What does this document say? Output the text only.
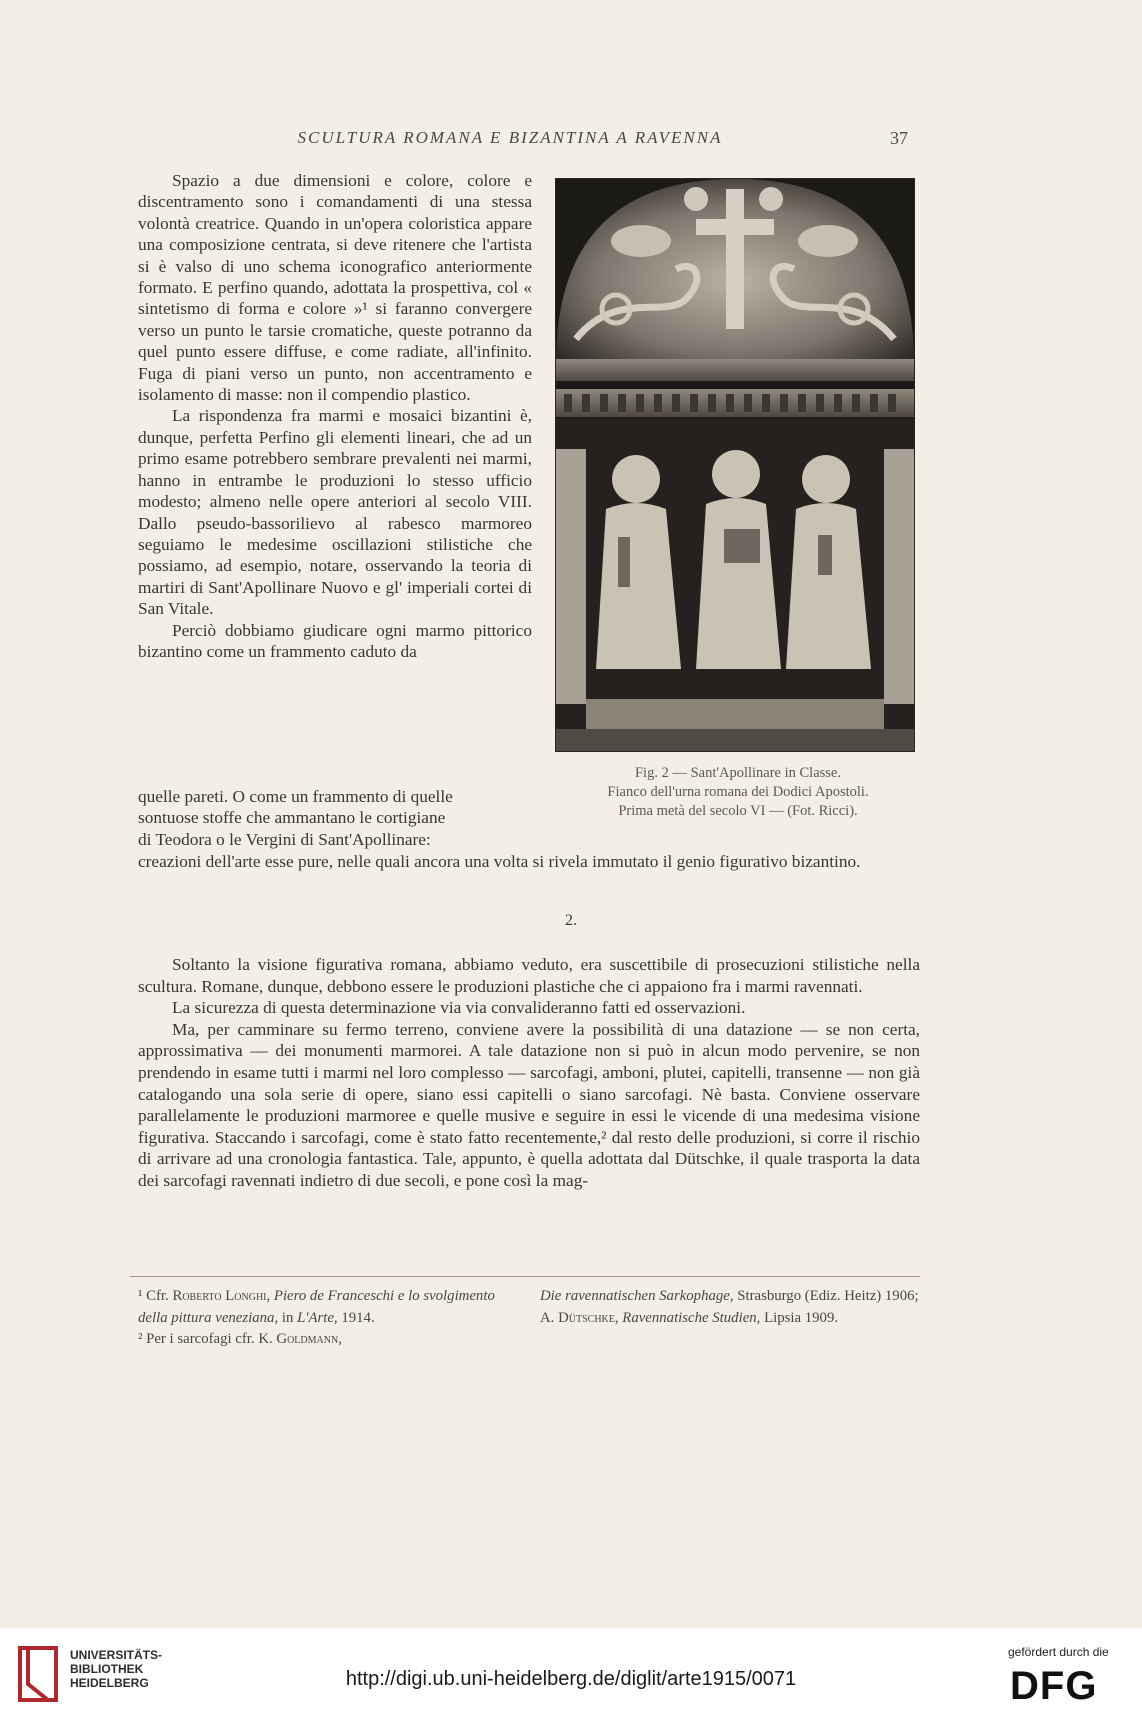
SCULTURA ROMANA E BIZANTINA A RAVENNA	37

Spazio a due dimensioni e colore, colore e discentramento sono i comandamenti di una stessa volontà creatrice. Quando in un'opera coloristica appare una composizione centrata, si deve ritenere che l'artista si è valso di uno schema iconografico anteriormente formato. E perfino quando, adottata la prospettiva, col « sintetismo di forma e colore »¹ si faranno convergere verso un punto le tarsie cromatiche, queste potranno da quel punto essere diffuse, e come radiate, all'infinito. Fuga di piani verso un punto, non accentramento e isolamento di masse: non il compendio plastico.

La rispondenza fra marmi e mosaici bizantini è, dunque, perfetta Perfino gli elementi lineari, che ad un primo esame potrebbero sembrare prevalenti nei marmi, hanno in entrambe le produzioni lo stesso ufficio modesto; almeno nelle opere anteriori al secolo VIII. Dallo pseudo-bassorilievo al rabesco marmoreo seguiamo le medesime oscillazioni stilistiche che possiamo, ad esempio, notare, osservando la teoria di martiri di Sant'Apollinare Nuovo e gl' imperiali cortei di San Vitale.

Perciò dobbiamo giudicare ogni marmo pittorico bizantino come un frammento caduto da

Fig. 2 — Sant'Apollinare in Classe.
Fianco dell'urna romana dei Dodici Apostoli.
Prima metà del secolo VI — (Fot. Ricci).

quelle pareti. O come un frammento di quelle

sontuose stoffe che ammantano le cortigiane

di Teodora o le Vergini di Sant'Apollinare:

creazioni dell'arte esse pure, nelle quali ancora una volta si rivela immutato il genio figurativo bizantino.

2.

Soltanto la visione figurativa romana, abbiamo veduto, era suscettibile di prosecuzioni stilistiche nella scultura. Romane, dunque, debbono essere le produzioni plastiche che ci appaiono fra i marmi ravennati.

La sicurezza di questa determinazione via via convalideranno fatti ed osservazioni.

Ma, per camminare su fermo terreno, conviene avere la possibilità di una datazione — se non certa, approssimativa — dei monumenti marmorei. A tale datazione non si può in alcun modo pervenire, se non prendendo in esame tutti i marmi nel loro complesso — sarcofagi, amboni, plutei, capitelli, transenne — non già catalogando una sola serie di opere, siano essi capitelli o siano sarcofagi. Nè basta. Conviene osservare parallelamente le produzioni marmoree e quelle musive e seguire in essi le vicende di una medesima visione figurativa. Staccando i sarcofagi, come è stato fatto recentemente,² dal resto delle produzioni, si corre il rischio di arrivare ad una cronologia fantastica. Tale, appunto, è quella adottata dal Dütschke, il quale trasporta la data dei sarcofagi ravennati indietro di due secoli, e pone così la mag-

¹ Cfr. Roberto Longhi, Piero de Franceschi e lo svolgimento della pittura veneziana, in L'Arte, 1914.

² Per i sarcofagi cfr. K. Goldmann,

Die ravennatischen Sarkophage, Strasburgo (Ediz. Heitz) 1906;

A. Dütschke, Ravennatische Studien, Lipsia 1909.

UNIVERSITÄTS-
BIBLIOTHEK
HEIDELBERG	http://digi.ub.uni-heidelberg.de/diglit/arte1915/0071
gefördert durch die
DFG
